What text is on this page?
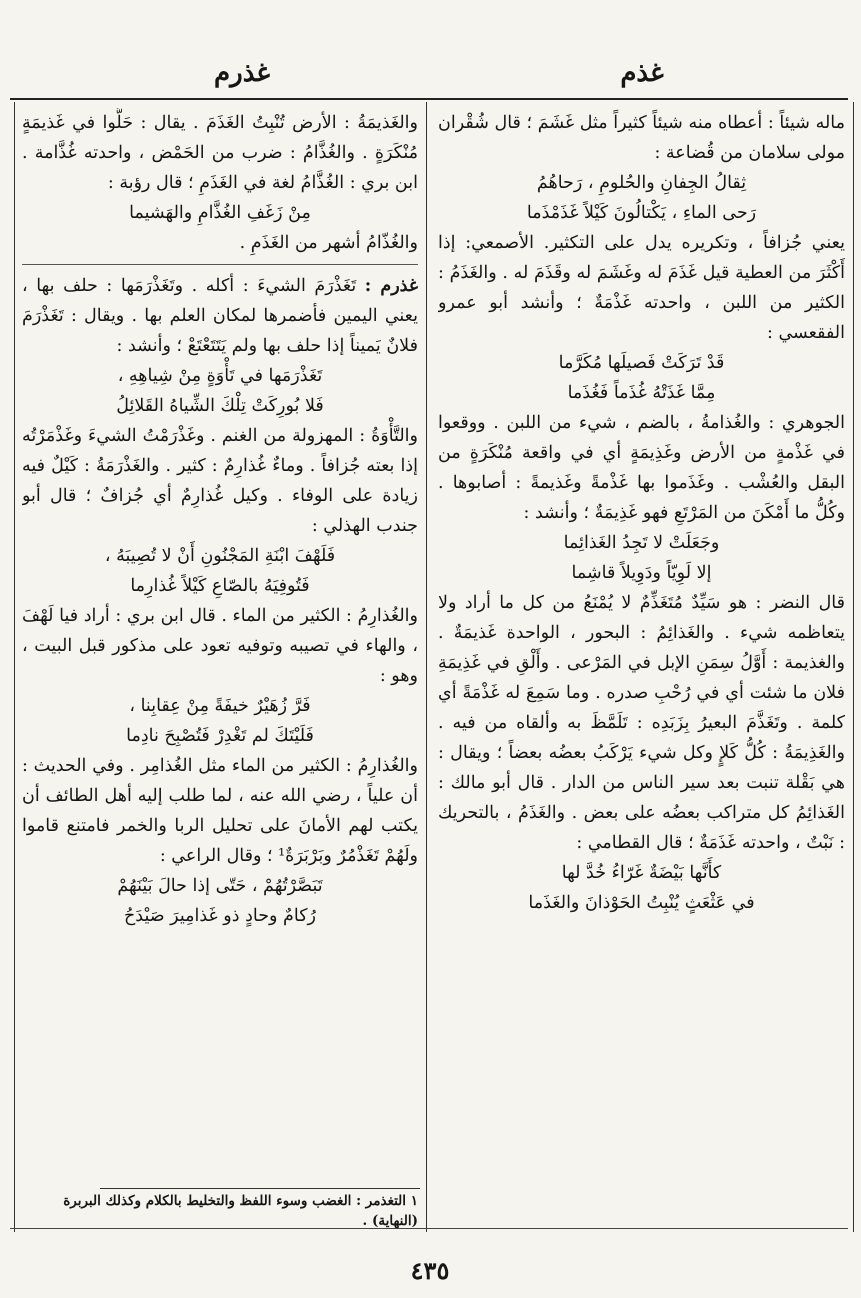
غذم
غذرم

ماله شيئاً : أعطاه منه شيئاً كثيراً مثل غَشَمَ ؛ قال شُقْران مولى سلامان من قُضاعة :

ثِقالُ الجِفانِ والحُلومِ ، رَحاهُمُ

رَحى الماءِ ، يَكْتالُونَ كَيْلاً غَذَمْذَما

يعني جُزافاً ، وتكريره يدل على التكثير. الأصمعي: إذا أَكْثَرَ من العطية قيل غَذَمَ له وغَشَمَ له وقَذَمَ له . والغَذَمُ : الكثير من اللبن ، واحدته غَذْمَةٌ ؛ وأنشد أبو عمرو الفقعسي :

قَدْ تَرَكَتْ فَصيلَها مُكَرَّما

مِمَّا غَذَتْهُ غُذَماً فَغُذَما

الجوهري : والغُذامةُ ، بالضم ، شيء من اللبن . ووقعوا في غَذْمةٍ من الأرض وغَذِيمَةٍ أي في واقعة مُنْكَرَةٍ من البقل والعُشْب . وغَذَموا بها غَذْمةً وغَذيمةً : أصابوها . وكُلُّ ما أَمْكَنَ من المَرْتَعِ فهو غَذِيمَةٌ ؛ وأنشد :

وجَعَلَتْ لا تَجِدُ الغَذائِما

إلا لَوِيّاً ودَوِيلاً قاشِما

قال النضر : هو سَيِّدٌ مُتَغَذِّمٌ لا يُمْنَعُ من كل ما أراد ولا يتعاظمه شيء . والغَذائِمُ : البحور ، الواحدة غَذيمَةٌ . والغذيمة : أَوَّلُ سِمَنِ الإبل في المَرْعى . وأَلْقِ في غَذِيمَةِ فلان ما شئت أي في رُحْبِ صدره . وما سَمِعَ له غَذْمَةً أي كلمة . وتَغَذَّمَ البعيرُ بِزَبَدِه : تَلَمَّظَ به وألقاه من فيه . والغَذِيمَةُ : كُلُّ كَلإٍ وكل شيء يَرْكَبُ بعضُه بعضاً ؛ ويقال : هي بَقْلة تنبت بعد سير الناس من الدار . قال أبو مالك : الغَذائِمُ كل متراكب بعضُه على بعض . والغَذَمُ ، بالتحريك : نَبْتٌ ، واحدته غَذَمَةٌ ؛ قال القطامي :

كأَنَّها بَيْضَةٌ غَرّاءُ خُدَّ لها

في عَثْعَثٍ يُنْبِتُ الحَوْذانَ والغَذَما

والغَذيمَةُ : الأرض تُنْبِتُ الغَذَمَ . يقال : حَلُّوا في غَذيمَةٍ مُنْكَرَةٍ . والغُذَّامُ : ضرب من الحَمْض ، واحدته غُذَّامة . ابن بري : الغُذَّامُ لغة في الغَذَمِ ؛ قال رؤبة :

مِنْ زَغَفِ الغُذَّامِ والهَشيما

والغُذّامُ أشهر من الغَذَمِ .

غذرم : تَغَذْرَمَ الشيءَ : أكله . وتَغَذْرَمَها : حلف بها ، يعني اليمين فأضمرها لمكان العلم بها . ويقال : تَغَذْرَمَ فلانٌ يَميناً إذا حلف بها ولم يَتَتَعْتَعْ ؛ وأنشد :

تَغَذْرَمَها في تَأْوَةٍ مِنْ شِياهِهِ ،

فَلا بُورِكَتْ تِلْكَ الشِّياهُ القَلائِلُ

والتَّأْوَةُ : المهزولة من الغنم . وغَذْرَمْتُ الشيءَ وغَذْمَرْتُه إذا بعته جُزافاً . وماءٌ غُذارِمٌ : كثير . والغَذْرَمَةُ : كَيْلٌ فيه زيادة على الوفاء . وكيل غُذارِمٌ أي جُزافٌ ؛ قال أبو جندب الهذلي :

فَلَهْفَ ابْنَةِ المَجْنُونِ أَنْ لا تُصِيبَهُ ،

فَتُوفِيَهُ بالصّاعِ كَيْلاً غُذارِما

والغُذارِمُ : الكثير من الماء . قال ابن بري : أراد فيا لَهْفَ ، والهاء في تصيبه وتوفيه تعود على مذكور قبل البيت ، وهو :

فَرَّ زُهَيْرٌ خيفَةً مِنْ عِقابِنا ،

فَلَيْتَكَ لم تَغْدِرْ فَتُصْبِحَ نادِما

والغُذارِمُ : الكثير من الماء مثل الغُذامِر . وفي الحديث : أن علياً ، رضي الله عنه ، لما طلب إليه أهل الطائف أن يكتب لهم الأمانَ على تحليل الربا والخمر فامتنع قاموا ولَهُمْ تَغَذْمُرٌ وبَرْبَرَةٌ¹ ؛ وقال الراعي :

تَبَصَّرْتُهُمْ ، حَتّى إذا حالَ بَيْنَهُمْ

رُكامٌ وحادٍ ذو غَذامِيرَ صَيْدَحُ

١ التغذمر : الغضب وسوء اللفظ والتخليط بالكلام وكذلك البربرة (النهاية) .
٤٣٥
